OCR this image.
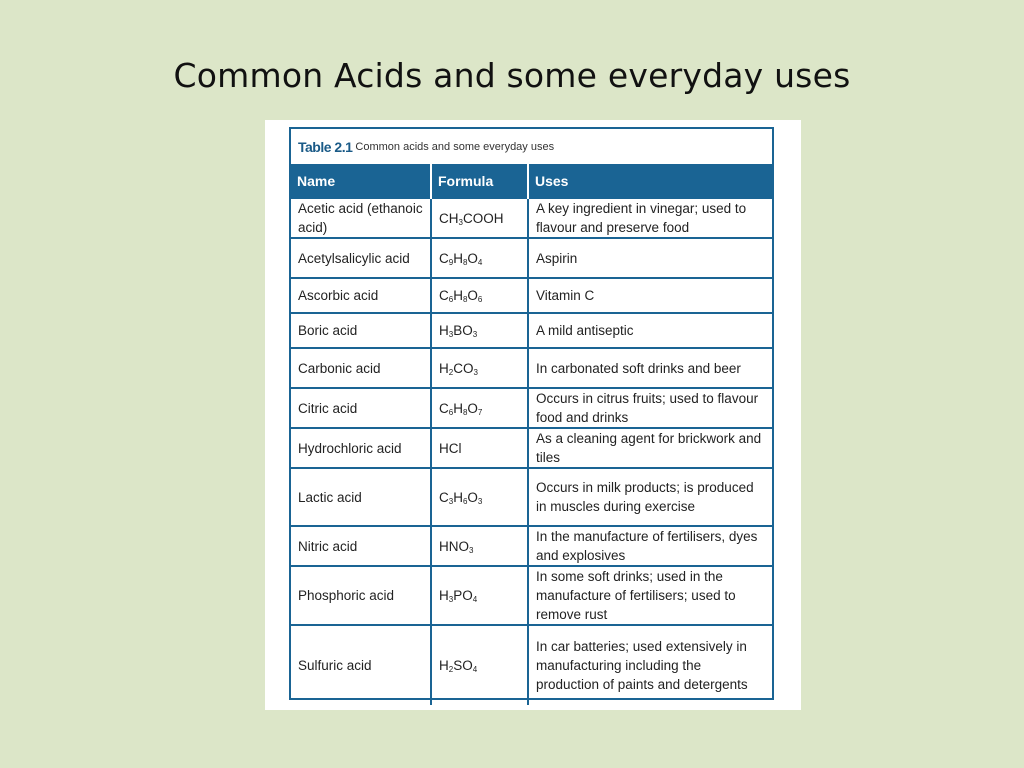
Common Acids and some everyday uses
Table 2.1 Common acids and some everyday uses
Name	Formula	Uses
Acetic acid (ethanoic acid)	$CH_3COOH$	A key ingredient in vinegar; used to flavour and preserve food
Acetylsalicylic acid	$C_9H_8O_4$	Aspirin
Ascorbic acid	$C_6H_8O_6$	Vitamin C
Boric acid	$H_3BO_3$	A mild antiseptic
Carbonic acid	$H_2CO_3$	In carbonated soft drinks and beer
Citric acid	$C_6H_8O_7$	Occurs in citrus fruits; used to flavour food and drinks
Hydrochloric acid	HCl	As a cleaning agent for brickwork and tiles
Lactic acid	$C_3H_6O_3$	Occurs in milk products; is produced in muscles during exercise
Nitric acid	$HNO_3$	In the manufacture of fertilisers, dyes and explosives
Phosphoric acid	$H_3PO_4$	In some soft drinks; used in the manufacture of fertilisers; used to remove rust
Sulfuric acid	$H_2SO_4$	In car batteries; used extensively in manufacturing including the production of paints and detergents
